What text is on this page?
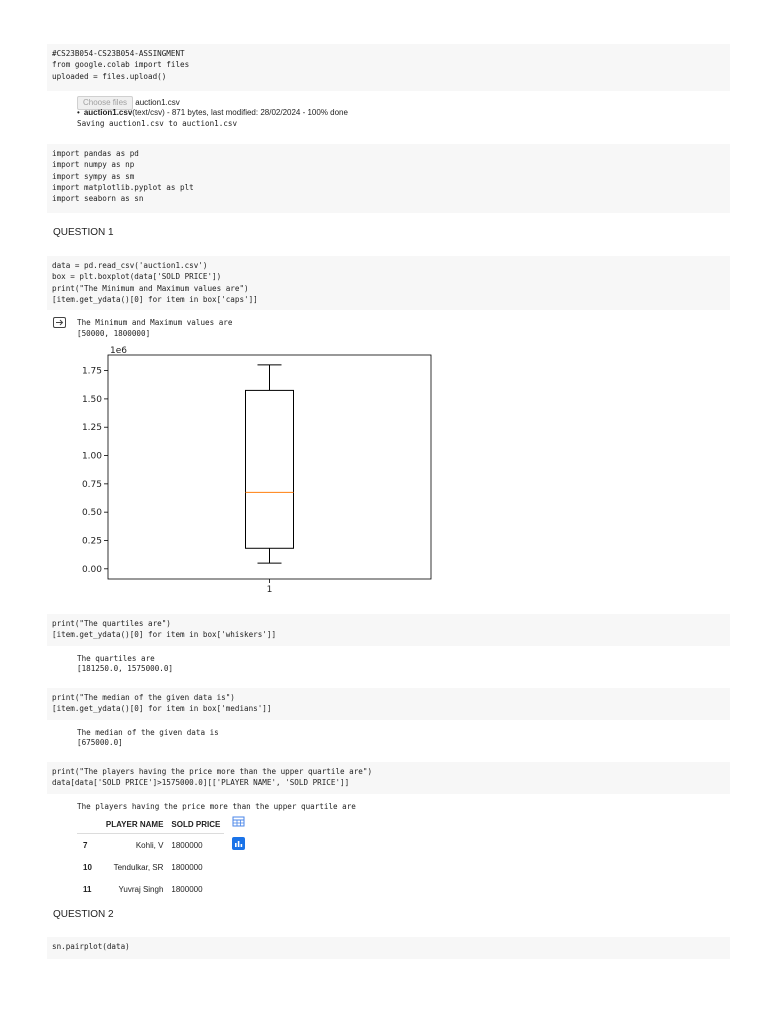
#CS23B054-CS23B054-ASSINGMENT
from google.colab import files
uploaded = files.upload()
Choose files auction1.csv
• auction1.csv(text/csv) - 871 bytes, last modified: 28/02/2024 - 100% done
Saving auction1.csv to auction1.csv
import pandas as pd
import numpy as np
import sympy as sm
import matplotlib.pyplot as plt
import seaborn as sn
QUESTION 1
data = pd.read_csv('auction1.csv')
box = plt.boxplot(data['SOLD PRICE'])
print("The Minimum and Maximum values are")
[item.get_ydata()[0] for item in box['caps']]
The Minimum and Maximum values are
[50000, 1800000]
1e6
0.00
0.25
0.50
0.75
1.00
1.25
1.50
1.75
1
print("The quartiles are")
[item.get_ydata()[0] for item in box['whiskers']]
The quartiles are
[181250.0, 1575000.0]
print("The median of the given data is")
[item.get_ydata()[0] for item in box['medians']]
The median of the given data is
[675000.0]
print("The players having the price more than the upper quartile are")
data[data['SOLD PRICE']>1575000.0][['PLAYER NAME', 'SOLD PRICE']]
The players having the price more than the upper quartile are
	PLAYER NAME	SOLD PRICE
7	Kohli, V	1800000
10	Tendulkar, SR	1800000
11	Yuvraj Singh	1800000
QUESTION 2
sn.pairplot(data)
